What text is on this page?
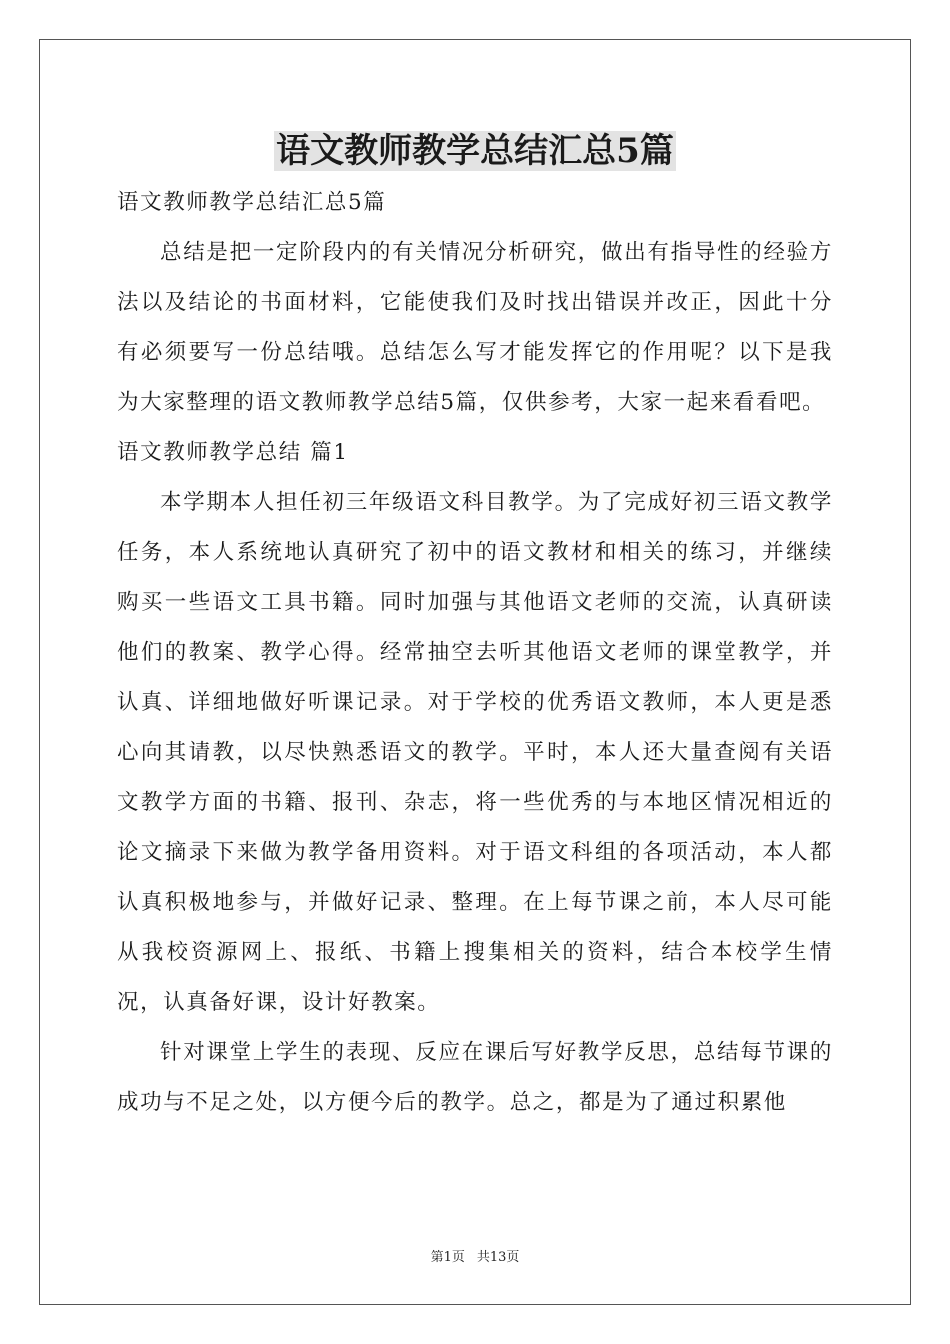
语文教师教学总结汇总5篇

语文教师教学总结汇总5篇

总结是把一定阶段内的有关情况分析研究，做出有指导性的经验方法以及结论的书面材料，它能使我们及时找出错误并改正，因此十分有必须要写一份总结哦。总结怎么写才能发挥它的作用呢？以下是我为大家整理的语文教师教学总结5篇，仅供参考，大家一起来看看吧。

语文教师教学总结 篇1

本学期本人担任初三年级语文科目教学。为了完成好初三语文教学任务，本人系统地认真研究了初中的语文教材和相关的练习，并继续购买一些语文工具书籍。同时加强与其他语文老师的交流，认真研读他们的教案、教学心得。经常抽空去听其他语文老师的课堂教学，并认真、详细地做好听课记录。对于学校的优秀语文教师，本人更是悉心向其请教，以尽快熟悉语文的教学。平时，本人还大量查阅有关语文教学方面的书籍、报刊、杂志，将一些优秀的与本地区情况相近的论文摘录下来做为教学备用资料。对于语文科组的各项活动，本人都认真积极地参与，并做好记录、整理。在上每节课之前，本人尽可能从我校资源网上、报纸、书籍上搜集相关的资料，结合本校学生情况，认真备好课，设计好教案。

针对课堂上学生的表现、反应在课后写好教学反思，总结每节课的成功与不足之处，以方便今后的教学。总之，都是为了通过积累他

第1页 共13页
